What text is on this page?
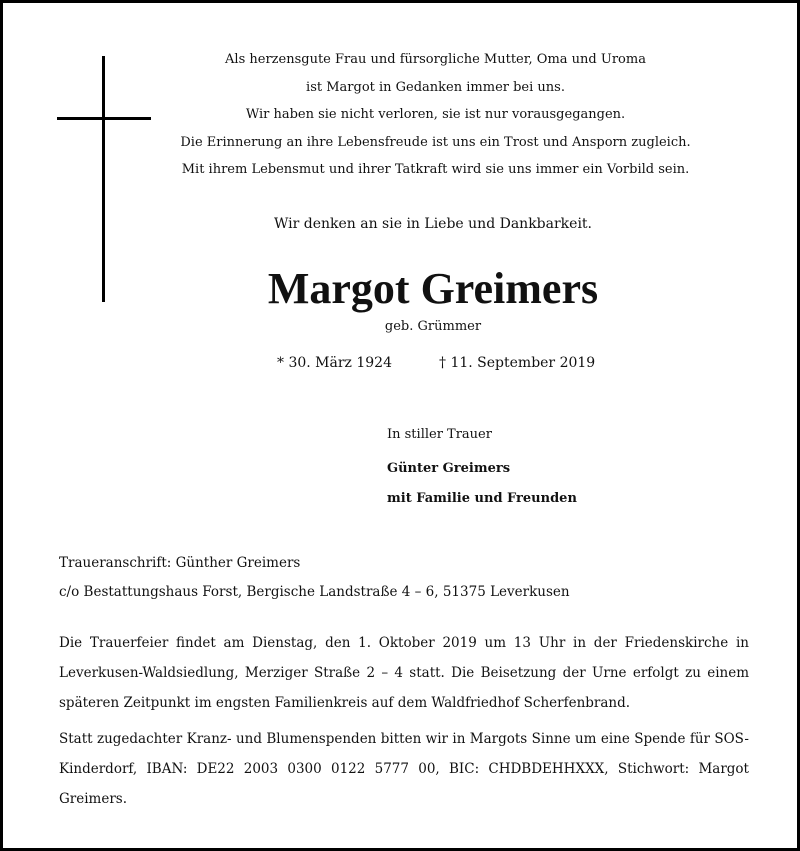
Als herzensgute Frau und fürsorgliche Mutter, Oma und Uroma
ist Margot in Gedanken immer bei uns.
Wir haben sie nicht verloren, sie ist nur vorausgegangen.
Die Erinnerung an ihre Lebensfreude ist uns ein Trost und Ansporn zugleich.
Mit ihrem Lebensmut und ihrer Tatkraft wird sie uns immer ein Vorbild sein.
Wir denken an sie in Liebe und Dankbarkeit.
Margot Greimers
geb. Grümmer
* 30. März 1924	† 11. September 2019
In stiller Trauer
Günter Greimers
mit Familie und Freunden
Traueranschrift: Günther Greimers
c/o Bestattungshaus Forst, Bergische Landstraße 4 – 6, 51375 Leverkusen

Die Trauerfeier findet am Dienstag, den 1. Oktober 2019 um 13 Uhr in der Friedenskirche in Leverkusen-Waldsiedlung, Merziger Straße 2 – 4 statt. Die Beisetzung der Urne erfolgt zu einem späteren Zeitpunkt im engsten Familienkreis auf dem Waldfriedhof Scherfenbrand.

Statt zugedachter Kranz- und Blumenspenden bitten wir in Margots Sinne um eine Spende für SOS-Kinderdorf, IBAN: DE22 2003 0300 0122 5777 00, BIC: CHDBDEHHXXX, Stichwort: Margot Greimers.
